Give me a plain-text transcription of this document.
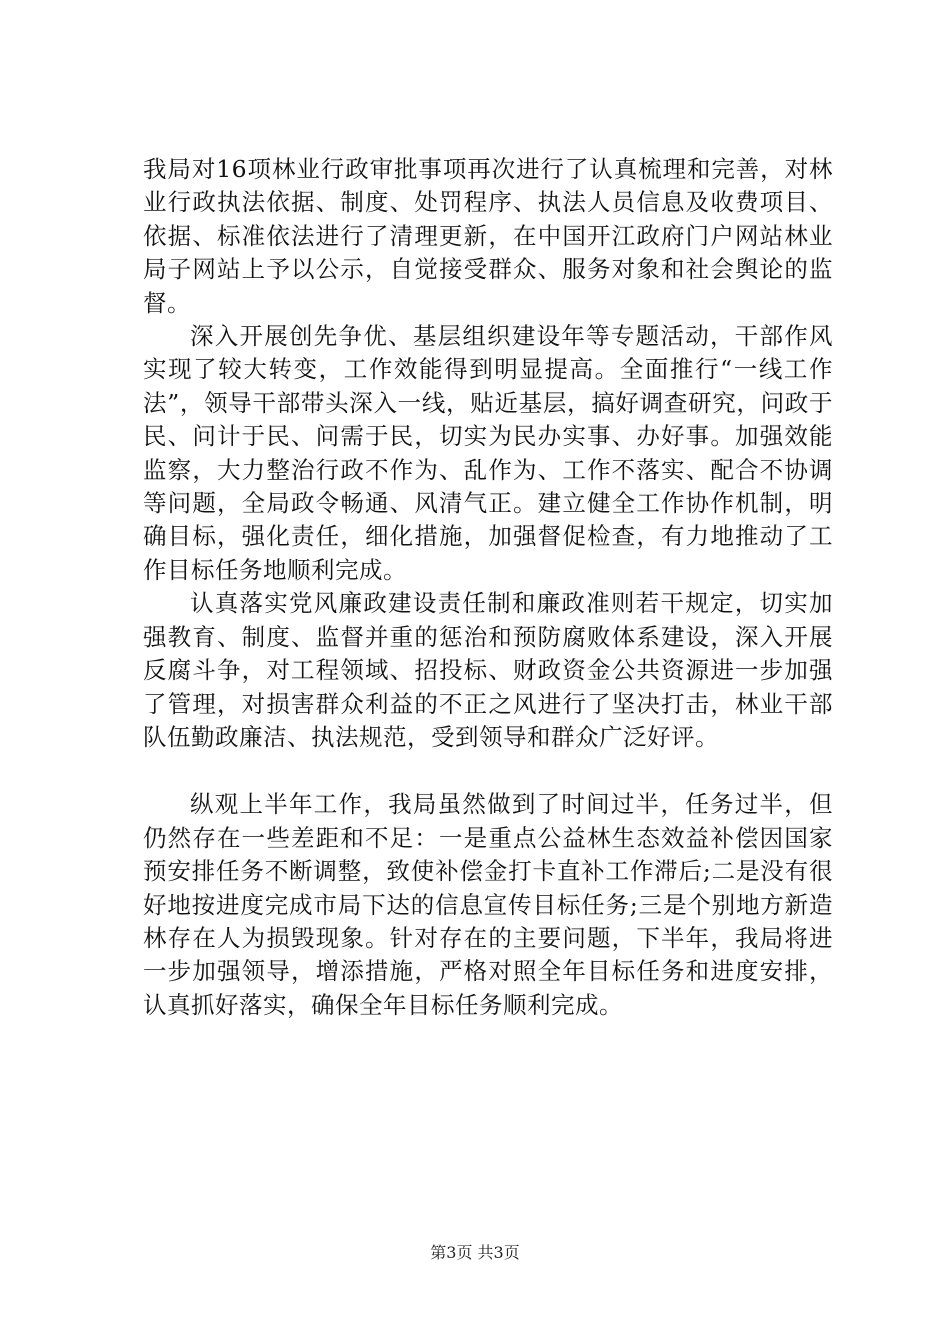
我局对16项林业行政审批事项再次进行了认真梳理和完善，对林业行政执法依据、制度、处罚程序、执法人员信息及收费项目、依据、标准依法进行了清理更新，在中国开江政府门户网站林业局子网站上予以公示，自觉接受群众、服务对象和社会舆论的监督。

深入开展创先争优、基层组织建设年等专题活动，干部作风实现了较大转变，工作效能得到明显提高。全面推行“一线工作法”，领导干部带头深入一线，贴近基层，搞好调查研究，问政于民、问计于民、问需于民，切实为民办实事、办好事。加强效能监察，大力整治行政不作为、乱作为、工作不落实、配合不协调等问题，全局政令畅通、风清气正。建立健全工作协作机制，明确目标，强化责任，细化措施，加强督促检查，有力地推动了工作目标任务地顺利完成。

认真落实党风廉政建设责任制和廉政准则若干规定，切实加强教育、制度、监督并重的惩治和预防腐败体系建设，深入开展反腐斗争，对工程领域、招投标、财政资金公共资源进一步加强了管理，对损害群众利益的不正之风进行了坚决打击，林业干部队伍勤政廉洁、执法规范，受到领导和群众广泛好评。

纵观上半年工作，我局虽然做到了时间过半，任务过半，但仍然存在一些差距和不足：一是重点公益林生态效益补偿因国家预安排任务不断调整，致使补偿金打卡直补工作滞后;二是没有很好地按进度完成市局下达的信息宣传目标任务;三是个别地方新造林存在人为损毁现象。针对存在的主要问题，下半年，我局将进一步加强领导，增添措施，严格对照全年目标任务和进度安排，认真抓好落实，确保全年目标任务顺利完成。

第3页 共3页
